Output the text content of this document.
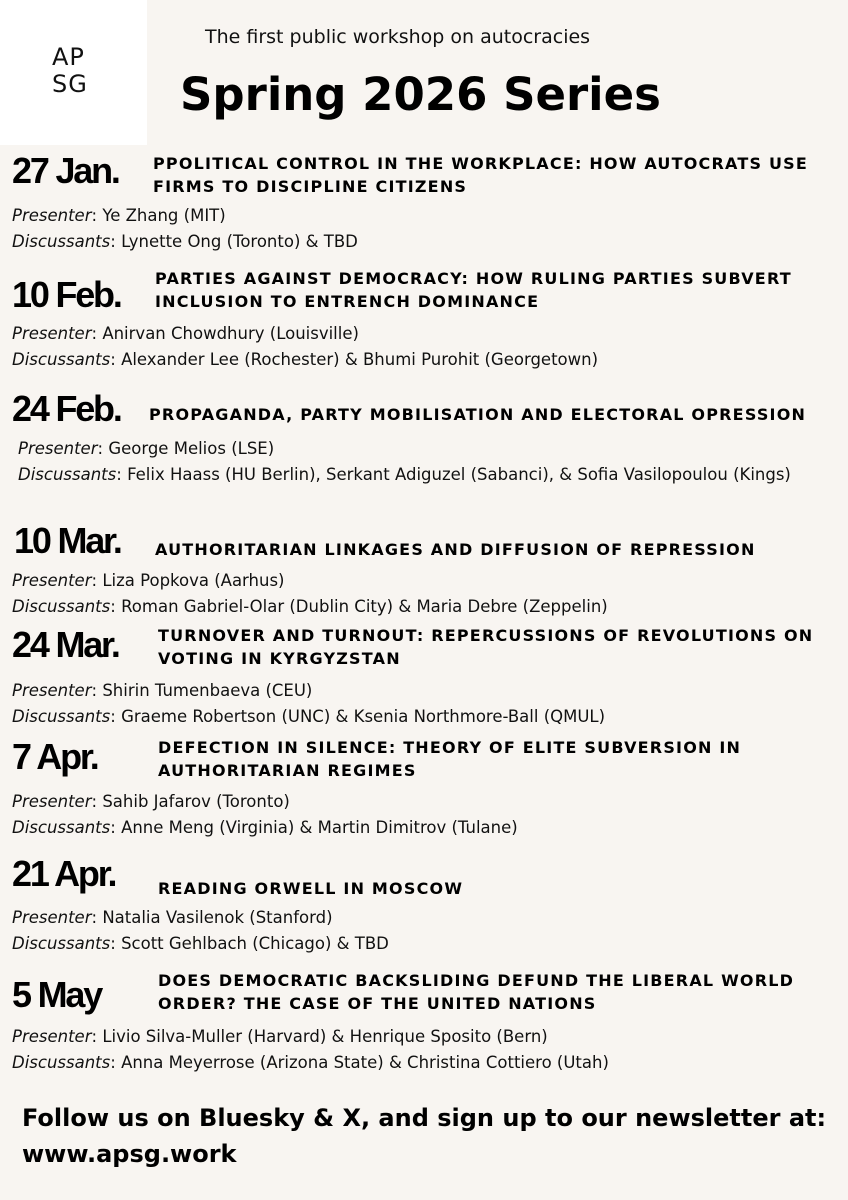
AP
SG
The first public workshop on autocracies
Spring 2026 Series
27 Jan. PPOLITICAL CONTROL IN THE WORKPLACE: HOW AUTOCRATS USE FIRMS TO DISCIPLINE CITIZENS
Presenter: Ye Zhang (MIT)
Discussants: Lynette Ong (Toronto) & TBD
10 Feb. PARTIES AGAINST DEMOCRACY: HOW RULING PARTIES SUBVERT INCLUSION TO ENTRENCH DOMINANCE
Presenter: Anirvan Chowdhury (Louisville)
Discussants: Alexander Lee (Rochester) & Bhumi Purohit (Georgetown)
24 Feb. PROPAGANDA, PARTY MOBILISATION AND ELECTORAL OPRESSION
Presenter: George Melios (LSE)
Discussants: Felix Haass (HU Berlin), Serkant Adiguzel (Sabanci), & Sofia Vasilopoulou (Kings)
10 Mar. AUTHORITARIAN LINKAGES AND DIFFUSION OF REPRESSION
Presenter: Liza Popkova (Aarhus)
Discussants: Roman Gabriel-Olar (Dublin City) & Maria Debre (Zeppelin)
24 Mar. TURNOVER AND TURNOUT: REPERCUSSIONS OF REVOLUTIONS ON VOTING IN KYRGYZSTAN
Presenter: Shirin Tumenbaeva (CEU)
Discussants: Graeme Robertson (UNC) & Ksenia Northmore-Ball (QMUL)
7 Apr.	DEFECTION IN SILENCE: THEORY OF ELITE SUBVERSION IN AUTHORITARIAN REGIMES
Presenter: Sahib Jafarov (Toronto)
Discussants: Anne Meng (Virginia) & Martin Dimitrov (Tulane)
21 Apr.	READING ORWELL IN MOSCOW
Presenter: Natalia Vasilenok (Stanford)
Discussants: Scott Gehlbach (Chicago) & TBD
5 May	DOES DEMOCRATIC BACKSLIDING DEFUND THE LIBERAL WORLD ORDER? THE CASE OF THE UNITED NATIONS
Presenter: Livio Silva-Muller (Harvard) & Henrique Sposito (Bern)
Discussants: Anna Meyerrose (Arizona State) & Christina Cottiero (Utah)
Follow us on Bluesky & X, and sign up to our newsletter at: www.apsg.work
